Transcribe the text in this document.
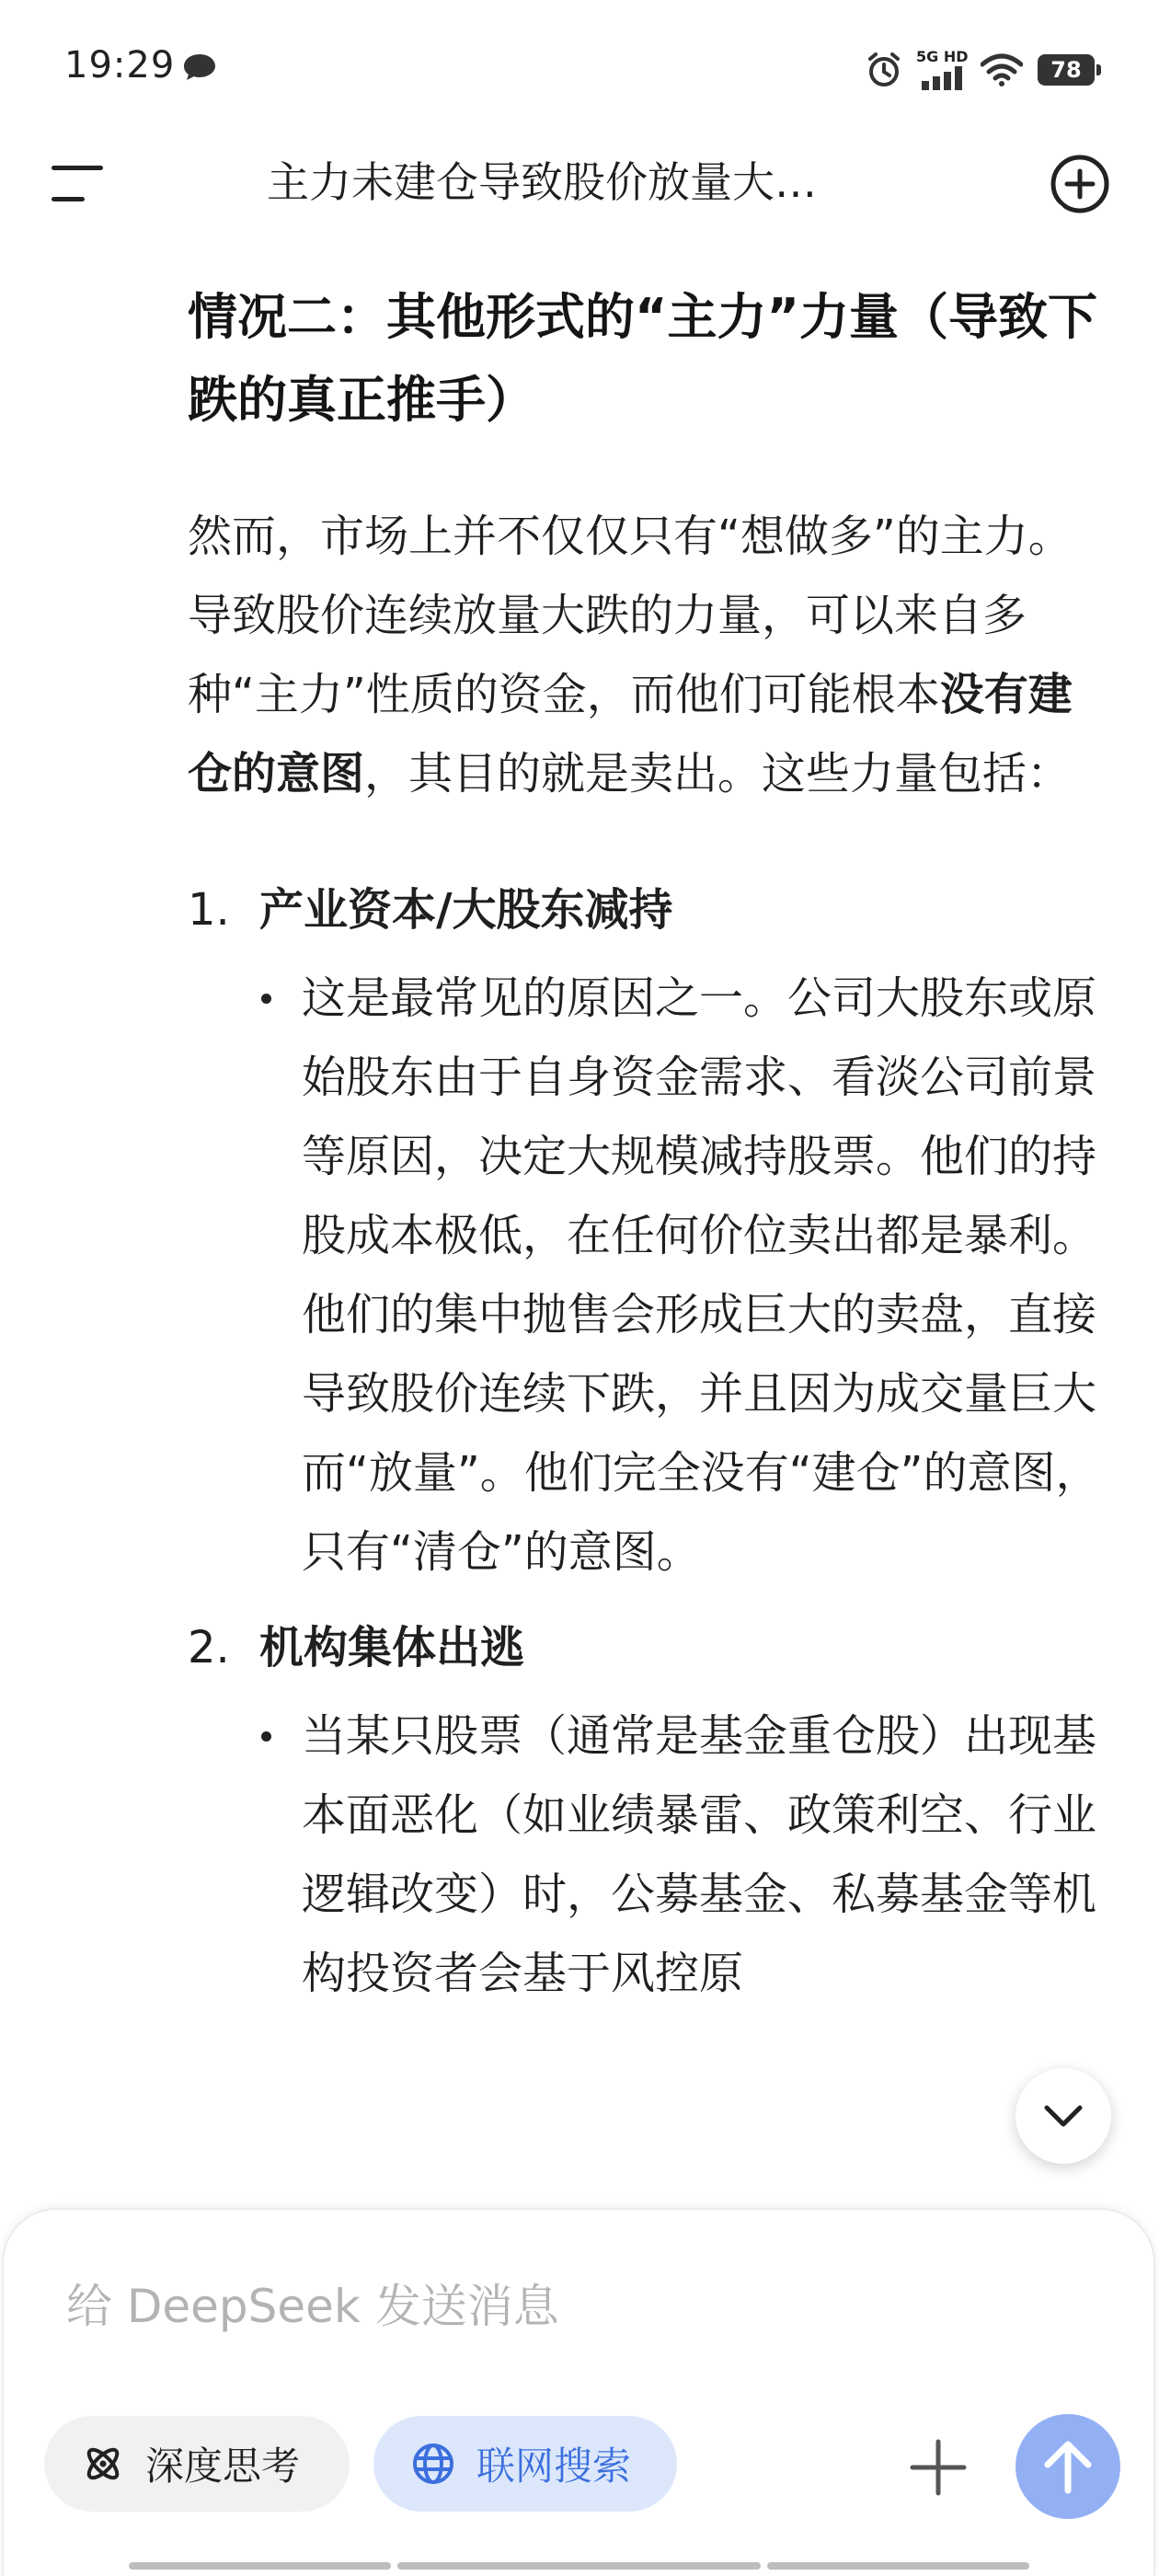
19:29	5G HD
78
主力未建仓导致股价放量大…
情况二：其他形式的“主力”力量（导致下跌的真正推手）

然而，市场上并不仅仅只有“想做多”的主力。导致股价连续放量大跌的力量，可以来自多种“主力”性质的资金，而他们可能根本没有建仓的意图，其目的就是卖出。这些力量包括：

1. 产业资本/大股东减持
这是最常见的原因之一。公司大股东或原始股东由于自身资金需求、看淡公司前景等原因，决定大规模减持股票。他们的持股成本极低，在任何价位卖出都是暴利。他们的集中抛售会形成巨大的卖盘，直接导致股价连续下跌，并且因为成交量巨大而“放量”。他们完全没有“建仓”的意图，只有“清仓”的意图。
2. 机构集体出逃
当某只股票（通常是基金重仓股）出现基本面恶化（如业绩暴雷、政策利空、行业逻辑改变）时，公募基金、私募基金等机构投资者会基于风控原
给 DeepSeek 发送消息
深度思考	联网搜索
